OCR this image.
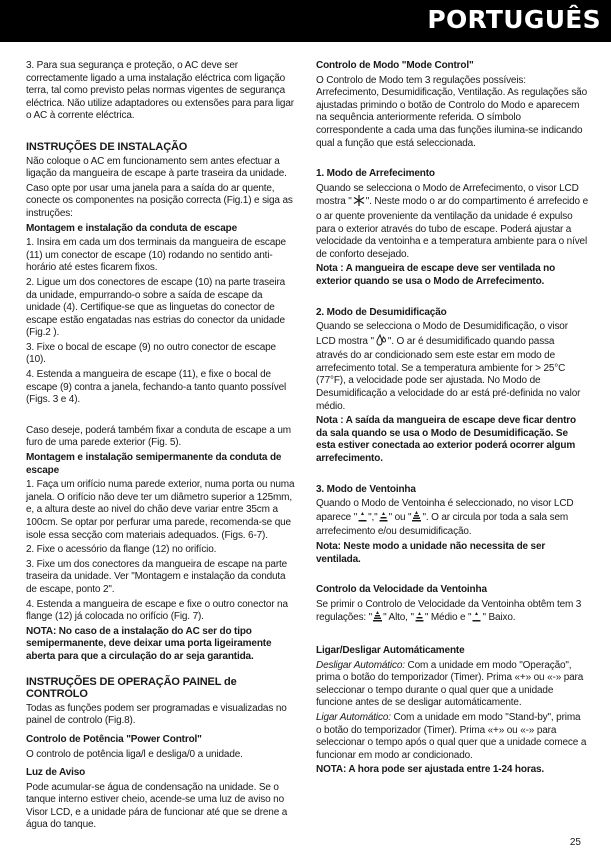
PORTUGUÊS

3. Para sua segurança e proteção, o AC deve ser correctamente ligado a uma instalação eléctrica com ligação terra, tal como previsto pelas normas vigentes de segurança eléctrica. Não utilize adaptadores ou extensões para para ligar o AC à corrente eléctrica.

INSTRUÇÕES DE INSTALAÇÃO

Não coloque o AC em funcionamento sem antes efectuar a ligação da mangueira de escape à parte traseira da unidade.

Caso opte por usar uma janela para a saída do ar quente, conecte os componentes na posição correcta (Fig.1) e siga as instruções:

Montagem e instalação da conduta de escape

1. Insira em cada um dos terminais da mangueira de escape (11) um conector de escape (10) rodando no sentido anti-horário até estes ficarem fixos.

2. Ligue um dos conectores de escape (10) na parte traseira da unidade, empurrando-o sobre a saída de escape da unidade (4). Certifique-se que as linguetas do conector de escape estão engatadas nas estrias do conector da unidade (Fig.2 ).

3. Fixe o bocal de escape (9) no outro conector de escape (10).

4. Estenda a mangueira de escape (11), e fixe o bocal de escape (9) contra a janela, fechando-a tanto quanto possível (Figs. 3 e 4).

Caso deseje, poderá também fixar a conduta de escape a um furo de uma parede exterior (Fig. 5).

Montagem e instalação semipermanente da conduta de escape

1. Faça um orifício numa parede exterior, numa porta ou numa janela. O orifício não deve ter um diâmetro superior a 125mm, e, a altura deste ao nivel do chão deve variar entre 35cm a 100cm. Se optar por perfurar uma parede, recomenda-se que isole essa secção com materiais adequados. (Figs. 6-7).

2. Fixe o acessório da flange (12) no orifício.

3. Fixe um dos conectores da mangueira de escape na parte traseira da unidade. Ver "Montagem e instalação da conduta de escape, ponto 2".

4. Estenda a mangueira de escape e fixe o outro conector na flange (12) já colocada no orifício (Fig. 7).

NOTA: No caso de a instalação do AC ser do tipo semipermanente, deve deixar uma porta ligeiramente aberta para que a circulação do ar seja garantida.

INSTRUÇÕES DE OPERAÇÃO PAINEL de CONTROLO

Todas as funções podem ser programadas e visualizadas no painel de controlo (Fig.8).

Controlo de Potência "Power Control"

O controlo de potência liga/l e desliga/0 a unidade.

Luz de Aviso

Pode acumular-se água de condensação na unidade. Se o tanque interno estiver cheio, acende-se uma luz de aviso no Visor LCD, e a unidade pára de funcionar até que se drene a água do tanque.

Controlo de Modo "Mode Control"

O Controlo de Modo tem 3 regulações possíveis: Arrefecimento, Desumidificação, Ventilação. As regulações são ajustadas primindo o botão de Controlo do Modo e aparecem na sequência anteriormente referida. O símbolo correspondente a cada uma das funções ilumina-se indicando qual a função que está seleccionada.

1. Modo de Arrefecimento

Quando se selecciona o Modo de Arrefecimento, o visor LCD mostra " ". Neste modo o ar do compartimento é arrefecido e o ar quente proveniente da ventilação da unidade é expulso para o exterior através do tubo de escape. Poderá ajustar a velocidade da ventoinha e a temperatura ambiente para o nível de conforto desejado.

Nota : A mangueira de escape deve ser ventilada no exterior quando se usa o Modo de Arrefecimento.

2. Modo de Desumidificação

Quando se selecciona o Modo de Desumidificação, o visor LCD mostra " ". O ar é desumidificado quando passa através do ar condicionado sem este estar em modo de arrefecimento total. Se a temperatura ambiente for > 25°C (77°F), a velocidade pode ser ajustada. No Modo de Desumidificação a velocidade do ar está pré-definida no valor médio.

Nota : A saída da mangueira de escape deve ficar dentro da sala quando se usa o Modo de Desumidificação. Se esta estiver conectada ao exterior poderá ocorrer algum arrefecimento.

3. Modo de Ventoinha

Quando o Modo de Ventoinha é seleccionado, no visor LCD aparece " "," " ou " ". O ar circula por toda a sala sem arrefecimento e/ou desumidificação.

Nota: Neste modo a unidade não necessita de ser ventilada.

Controlo da Velocidade da Ventoinha

Se primir o Controlo de Velocidade da Ventoinha obtêm tem 3 regulações: " " Alto, " " Médio e " " Baixo.

Ligar/Desligar Automáticamente

Desligar Automático: Com a unidade em modo "Operação", prima o botão do temporizador (Timer). Prima «+» ou «-» para seleccionar o tempo durante o qual quer que a unidade funcione antes de se desligar automáticamente.

Ligar Automático: Com a unidade em modo "Stand-by", prima o botão do temporizador (Timer). Prima «+» ou «-» para seleccionar o tempo após o qual quer que a unidade comece a funcionar em modo ar condicionado.

NOTA: A hora pode ser ajustada entre 1-24 horas.

25
